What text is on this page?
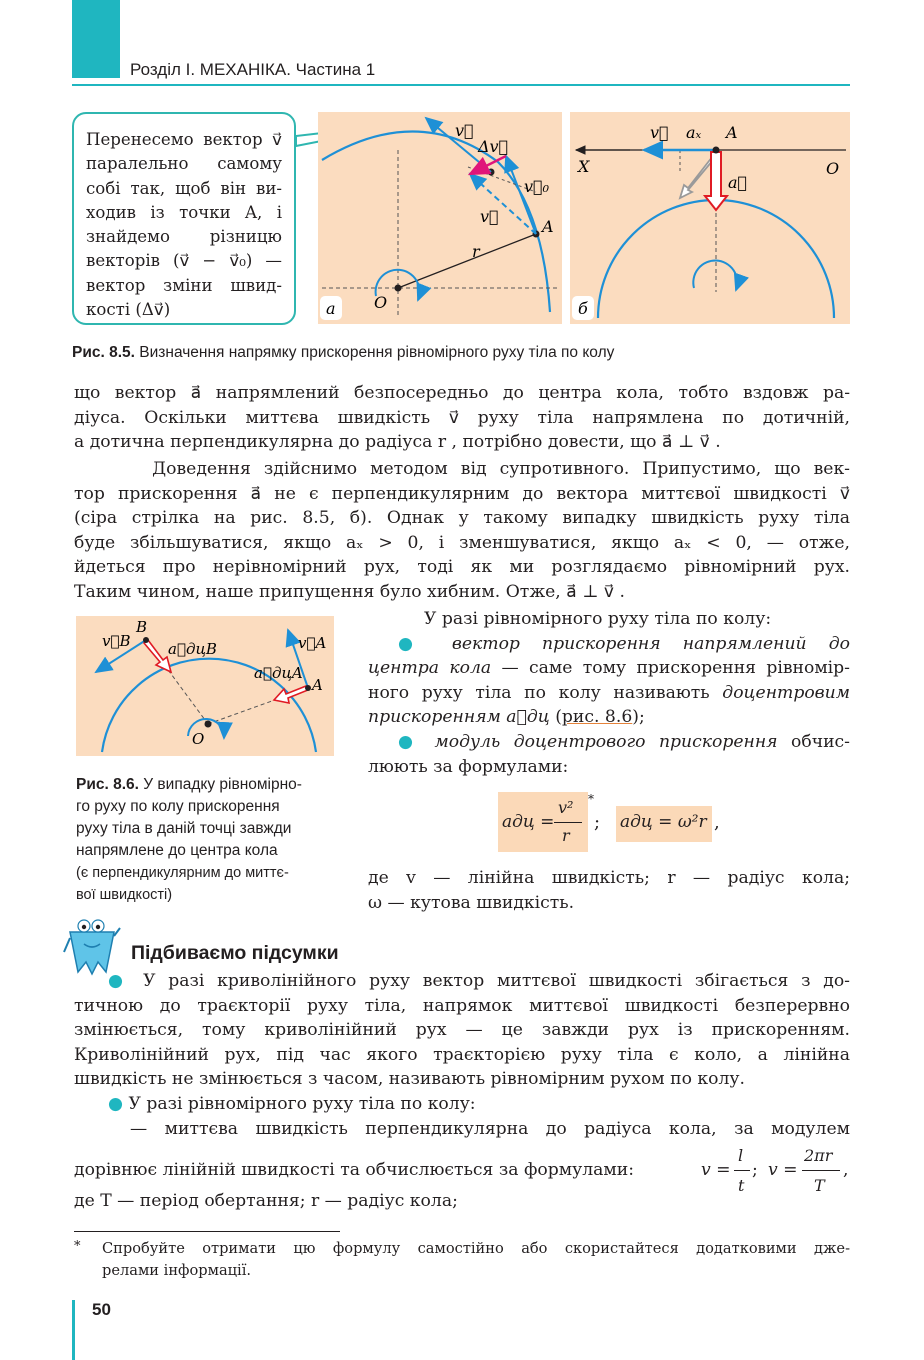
Розділ І. МЕХАНІКА. Частина 1
Перенесемо вектор v⃗
паралельно самому
собі так, щоб він ви-
ходив із точки A, і
знайдемо різницю
векторів (v⃗ − v⃗₀) —
вектор зміни швид-
кості (Δv⃗)
v⃗
Δv⃗
v⃗₀
v⃗
A
r
O
а
v⃗ aₓ A
X	O
a⃗
б
Рис. 8.5. Визначення напрямку прискорення рівномірного руху тіла по колу
що вектор a⃗ напрямлений безпосередньо до центра кола, тобто вздовж ра-
діуса. Оскільки миттєва швидкість v⃗ руху тіла напрямлена по дотичній,
а дотична перпендикулярна до радіуса r , потрібно довести, що a⃗ ⊥ v⃗ .
Доведення здійснимо методом від супротивного. Припустимо, що век-
тор прискорення a⃗ не є перпендикулярним до вектора миттєвої швидкості v⃗
(сіра стрілка на рис. 8.5, б). Однак у такому випадку швидкість руху тіла
буде збільшуватися, якщо aₓ > 0, і зменшуватися, якщо aₓ < 0, — отже,
йдеться про нерівномірний рух, тоді як ми розглядаємо рівномірний рух.
Таким чином, наше припущення було хибним. Отже, a⃗ ⊥ v⃗ .
v⃗B
B
a⃗дцB	v⃗A
a⃗дцA
A
O
Рис. 8.6. У випадку рівномірно-
го руху по колу прискорення
руху тіла в даній точці завжди
напрямлене до центра кола
(є перпендикулярним до миттє-
вої швидкості)
У разі рівномірного руху тіла по колу:
● вектор прискорення напрямлений до
центра кола — саме тому прискорення рівномір-
ного руху тіла по колу називають доцентровим
прискоренням a⃗дц (рис. 8.6);
● модуль доцентрового прискорення обчис-
люють за формулами:
aдц =
v²
r
*
; aдц = ω²r ,
де v — лінійна швидкість; r — радіус кола;
ω — кутова швидкість.
Підбиваємо підсумки
● У разі криволінійного руху вектор миттєвої швидкості збігається з до-
тичною до траєкторії руху тіла, напрямок миттєвої швидкості безперервно
змінюється, тому криволінійний рух — це завжди рух із прискоренням.
Криволінійний рух, під час якого траєкторією руху тіла є коло, а лінійна
швидкість не змінюється з часом, називають рівномірним рухом по колу.
● У разі рівномірного руху тіла по колу:
— миттєва швидкість перпендикулярна до радіуса кола, за модулем
дорівнює лінійній швидкості та обчислюється за формулами:	v =
l
t
; v =
2πr
T
,
де T — період обертання; r — радіус кола;
* Спробуйте отримати цю формулу самостійно або скористайтеся додатковими дже-
релами інформації.
50
